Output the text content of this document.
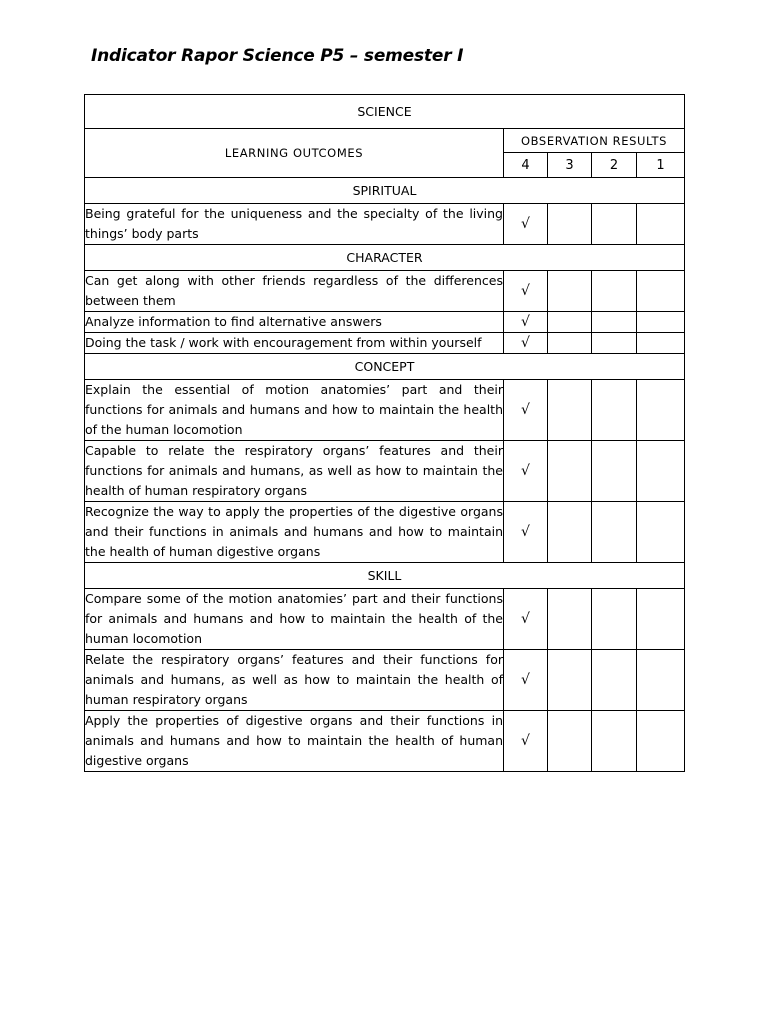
Indicator Rapor Science P5 – semester I
SCIENCE				
LEARNING OUTCOMES	OBSERVATION RESULTS			
	4	3	2	1
SPIRITUAL				
Being grateful for the uniqueness and the specialty of the living things’ body parts	√			
CHARACTER				
Can get along with other friends regardless of the differences between them	√			
Analyze information to find alternative answers	√			
Doing the task / work with encouragement from within yourself	√			
CONCEPT				
Explain the essential of motion anatomies’ part and their functions for animals and humans and how to maintain the health of the human locomotion	√			
Capable to relate the respiratory organs’ features and their functions for animals and humans, as well as how to maintain the health of human respiratory organs	√			
Recognize the way to apply the properties of the digestive organs and their functions in animals and humans and how to maintain the health of human digestive organs	√			
SKILL				
Compare some of the motion anatomies’ part and their functions for animals and humans and how to maintain the health of the human locomotion	√			
Relate the respiratory organs’ features and their functions for animals and humans, as well as how to maintain the health of human respiratory organs	√			
Apply the properties of digestive organs and their functions in animals and humans and how to maintain the health of human digestive organs	√			
